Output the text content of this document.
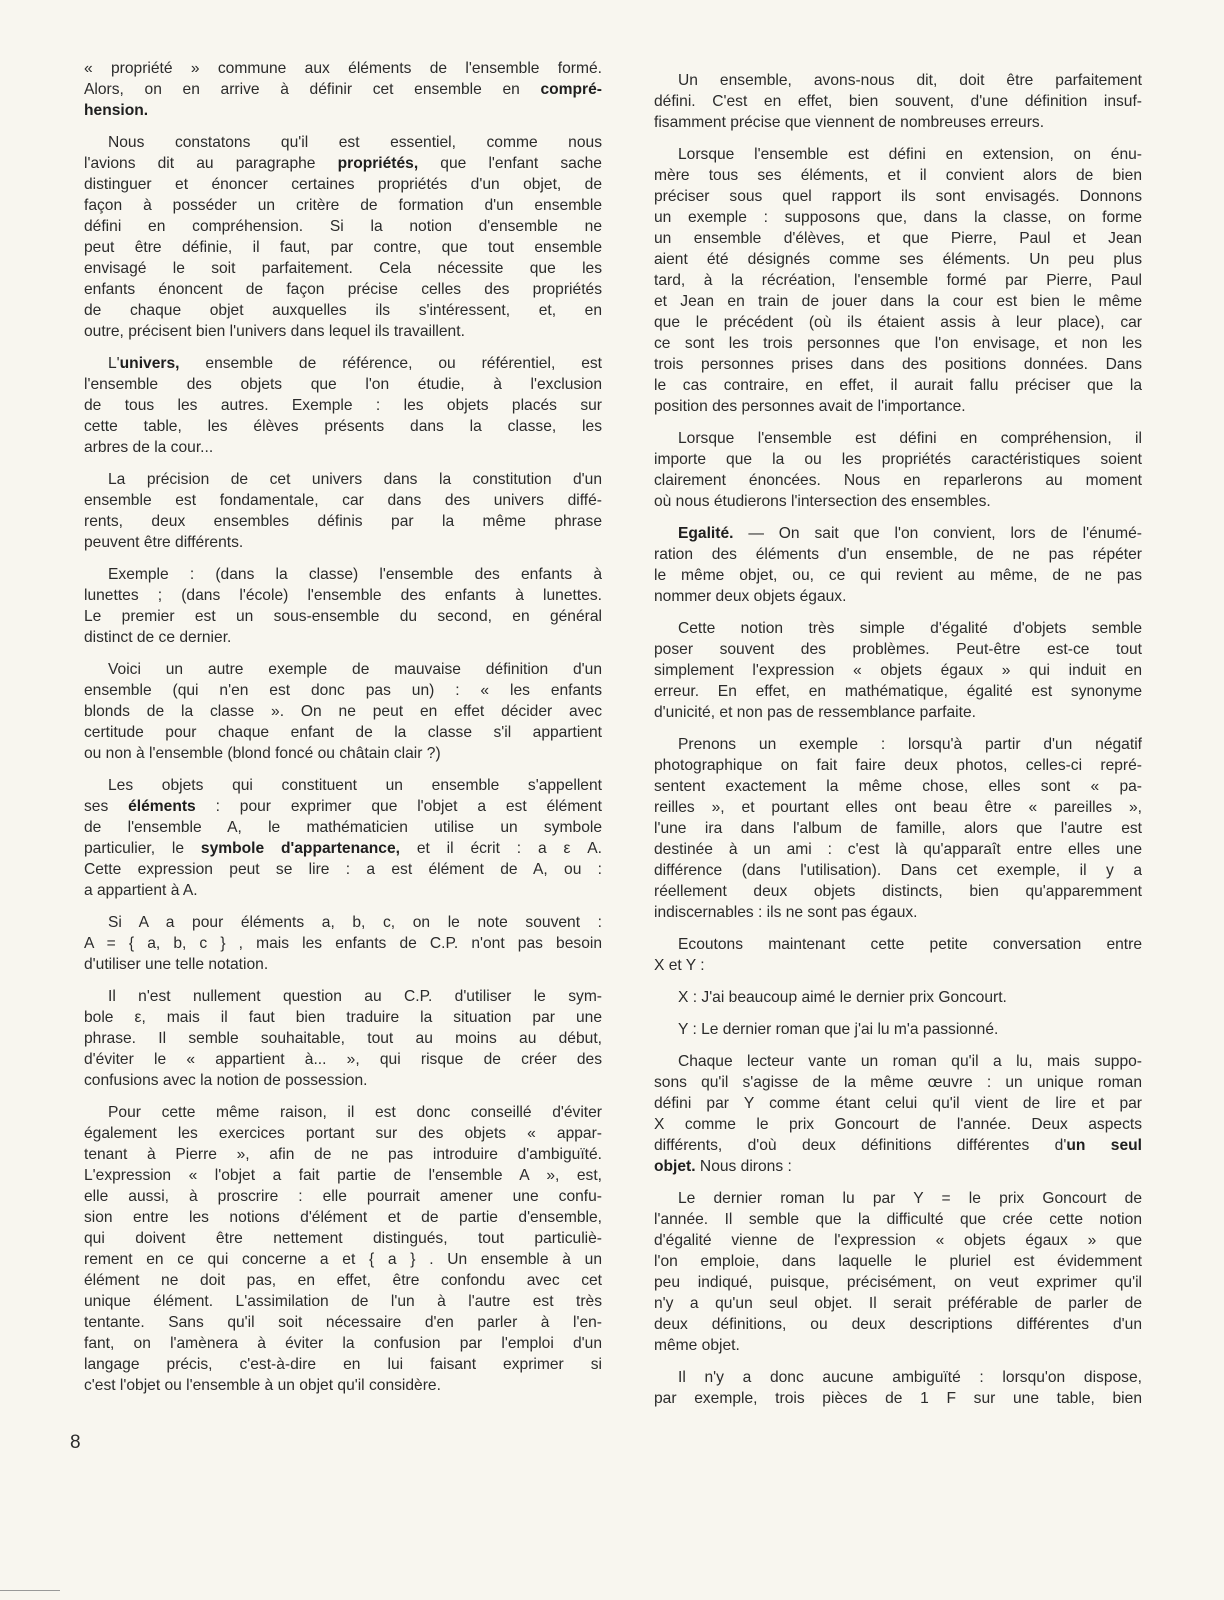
« propriété » commune aux éléments de l'ensemble formé.
Alors, on en arrive à définir cet ensemble en compré-
hension.
Nous constatons qu'il est essentiel, comme nous
l'avions dit au paragraphe propriétés, que l'enfant sache
distinguer et énoncer certaines propriétés d'un objet, de
façon à posséder un critère de formation d'un ensemble
défini en compréhension. Si la notion d'ensemble ne
peut être définie, il faut, par contre, que tout ensemble
envisagé le soit parfaitement. Cela nécessite que les
enfants énoncent de façon précise celles des propriétés
de chaque objet auxquelles ils s'intéressent, et, en
outre, précisent bien l'univers dans lequel ils travaillent.
L'univers, ensemble de référence, ou référentiel, est
l'ensemble des objets que l'on étudie, à l'exclusion
de tous les autres. Exemple : les objets placés sur
cette table, les élèves présents dans la classe, les
arbres de la cour...
La précision de cet univers dans la constitution d'un
ensemble est fondamentale, car dans des univers diffé-
rents, deux ensembles définis par la même phrase
peuvent être différents.
Exemple : (dans la classe) l'ensemble des enfants à
lunettes ; (dans l'école) l'ensemble des enfants à lunettes.
Le premier est un sous-ensemble du second, en général
distinct de ce dernier.
Voici un autre exemple de mauvaise définition d'un
ensemble (qui n'en est donc pas un) : « les enfants
blonds de la classe ». On ne peut en effet décider avec
certitude pour chaque enfant de la classe s'il appartient
ou non à l'ensemble (blond foncé ou châtain clair ?)
Les objets qui constituent un ensemble s'appellent
ses éléments : pour exprimer que l'objet a est élément
de l'ensemble A, le mathématicien utilise un symbole
particulier, le symbole d'appartenance, et il écrit : a ε A.
Cette expression peut se lire : a est élément de A, ou :
a appartient à A.
Si A a pour éléments a, b, c, on le note souvent :
A = { a, b, c } , mais les enfants de C.P. n'ont pas besoin
d'utiliser une telle notation.
Il n'est nullement question au C.P. d'utiliser le sym-
bole ε, mais il faut bien traduire la situation par une
phrase. Il semble souhaitable, tout au moins au début,
d'éviter le « appartient à... », qui risque de créer des
confusions avec la notion de possession.
Pour cette même raison, il est donc conseillé d'éviter
également les exercices portant sur des objets « appar-
tenant à Pierre », afin de ne pas introduire d'ambiguïté.
L'expression « l'objet a fait partie de l'ensemble A », est,
elle aussi, à proscrire : elle pourrait amener une confu-
sion entre les notions d'élément et de partie d'ensemble,
qui doivent être nettement distingués, tout particuliè-
rement en ce qui concerne a et { a } . Un ensemble à un
élément ne doit pas, en effet, être confondu avec cet
unique élément. L'assimilation de l'un à l'autre est très
tentante. Sans qu'il soit nécessaire d'en parler à l'en-
fant, on l'amènera à éviter la confusion par l'emploi d'un
langage précis, c'est-à-dire en lui faisant exprimer si
c'est l'objet ou l'ensemble à un objet qu'il considère.
Un ensemble, avons-nous dit, doit être parfaitement
défini. C'est en effet, bien souvent, d'une définition insuf-
fisamment précise que viennent de nombreuses erreurs.
Lorsque l'ensemble est défini en extension, on énu-
mère tous ses éléments, et il convient alors de bien
préciser sous quel rapport ils sont envisagés. Donnons
un exemple : supposons que, dans la classe, on forme
un ensemble d'élèves, et que Pierre, Paul et Jean
aient été désignés comme ses éléments. Un peu plus
tard, à la récréation, l'ensemble formé par Pierre, Paul
et Jean en train de jouer dans la cour est bien le même
que le précédent (où ils étaient assis à leur place), car
ce sont les trois personnes que l'on envisage, et non les
trois personnes prises dans des positions données. Dans
le cas contraire, en effet, il aurait fallu préciser que la
position des personnes avait de l'importance.
Lorsque l'ensemble est défini en compréhension, il
importe que la ou les propriétés caractéristiques soient
clairement énoncées. Nous en reparlerons au moment
où nous étudierons l'intersection des ensembles.
Egalité. — On sait que l'on convient, lors de l'énumé-
ration des éléments d'un ensemble, de ne pas répéter
le même objet, ou, ce qui revient au même, de ne pas
nommer deux objets égaux.
Cette notion très simple d'égalité d'objets semble
poser souvent des problèmes. Peut-être est-ce tout
simplement l'expression « objets égaux » qui induit en
erreur. En effet, en mathématique, égalité est synonyme
d'unicité, et non pas de ressemblance parfaite.
Prenons un exemple : lorsqu'à partir d'un négatif
photographique on fait faire deux photos, celles-ci repré-
sentent exactement la même chose, elles sont « pa-
reilles », et pourtant elles ont beau être « pareilles »,
l'une ira dans l'album de famille, alors que l'autre est
destinée à un ami : c'est là qu'apparaît entre elles une
différence (dans l'utilisation). Dans cet exemple, il y a
réellement deux objets distincts, bien qu'apparemment
indiscernables : ils ne sont pas égaux.
Ecoutons maintenant cette petite conversation entre
X et Y :
X : J'ai beaucoup aimé le dernier prix Goncourt.
Y : Le dernier roman que j'ai lu m'a passionné.
Chaque lecteur vante un roman qu'il a lu, mais suppo-
sons qu'il s'agisse de la même œuvre : un unique roman
défini par Y comme étant celui qu'il vient de lire et par
X comme le prix Goncourt de l'année. Deux aspects
différents, d'où deux définitions différentes d'un seul
objet. Nous dirons :
Le dernier roman lu par Y = le prix Goncourt de
l'année. Il semble que la difficulté que crée cette notion
d'égalité vienne de l'expression « objets égaux » que
l'on emploie, dans laquelle le pluriel est évidemment
peu indiqué, puisque, précisément, on veut exprimer qu'il
n'y a qu'un seul objet. Il serait préférable de parler de
deux définitions, ou deux descriptions différentes d'un
même objet.
Il n'y a donc aucune ambiguïté : lorsqu'on dispose,
par exemple, trois pièces de 1 F sur une table, bien
8
